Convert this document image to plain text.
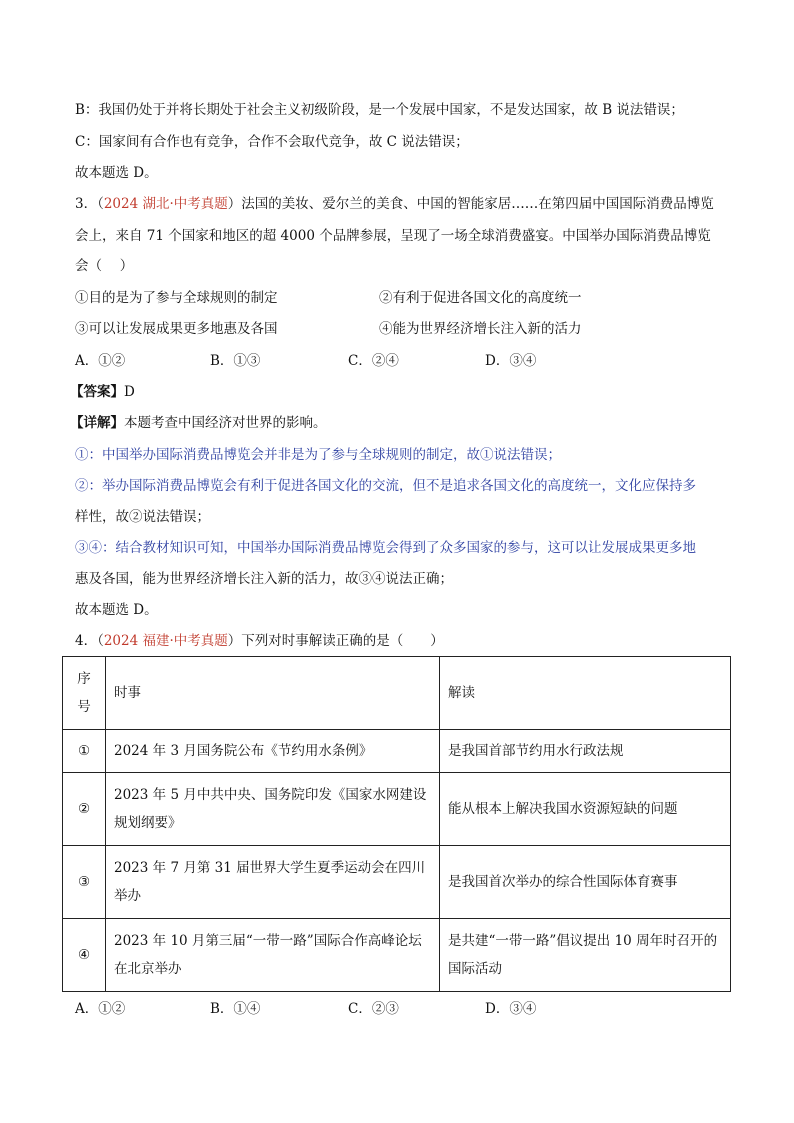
B：我国仍处于并将长期处于社会主义初级阶段，是一个发展中国家，不是发达国家，故 B 说法错误；
C：国家间有合作也有竞争，合作不会取代竞争，故 C 说法错误；
故本题选 D。
3．（2024 湖北·中考真题）法国的美妆、爱尔兰的美食、中国的智能家居……在第四届中国国际消费品博览
会上，来自 71 个国家和地区的超 4000 个品牌参展，呈现了一场全球消费盛宴。中国举办国际消费品博览
会（　 ）
①目的是为了参与全球规则的制定	②有利于促进各国文化的高度统一
③可以让发展成果更多地惠及各国	④能为世界经济增长注入新的活力
A．①②	B．①③	C．②④	D．③④
【答案】D
【详解】本题考查中国经济对世界的影响。
①：中国举办国际消费品博览会并非是为了参与全球规则的制定，故①说法错误；
②：举办国际消费品博览会有利于促进各国文化的交流，但不是追求各国文化的高度统一，文化应保持多
样性，故②说法错误；
③④：结合教材知识可知，中国举办国际消费品博览会得到了众多国家的参与，这可以让发展成果更多地
惠及各国，能为世界经济增长注入新的活力，故③④说法正确；
故本题选 D。
4．（2024 福建·中考真题）下列对时事解读正确的是（　　）
序号	时事	解读
①	2024 年 3 月国务院公布《节约用水条例》	是我国首部节约用水行政法规
②	2023 年 5 月中共中央、国务院印发《国家水网建设规划纲要》	能从根本上解决我国水资源短缺的问题
③	2023 年 7 月第 31 届世界大学生夏季运动会在四川举办	是我国首次举办的综合性国际体育赛事
④	2023 年 10 月第三届“一带一路”国际合作高峰论坛在北京举办	是共建“一带一路”倡议提出 10 周年时召开的国际活动
A．①②	B．①④	C．②③	D．③④
